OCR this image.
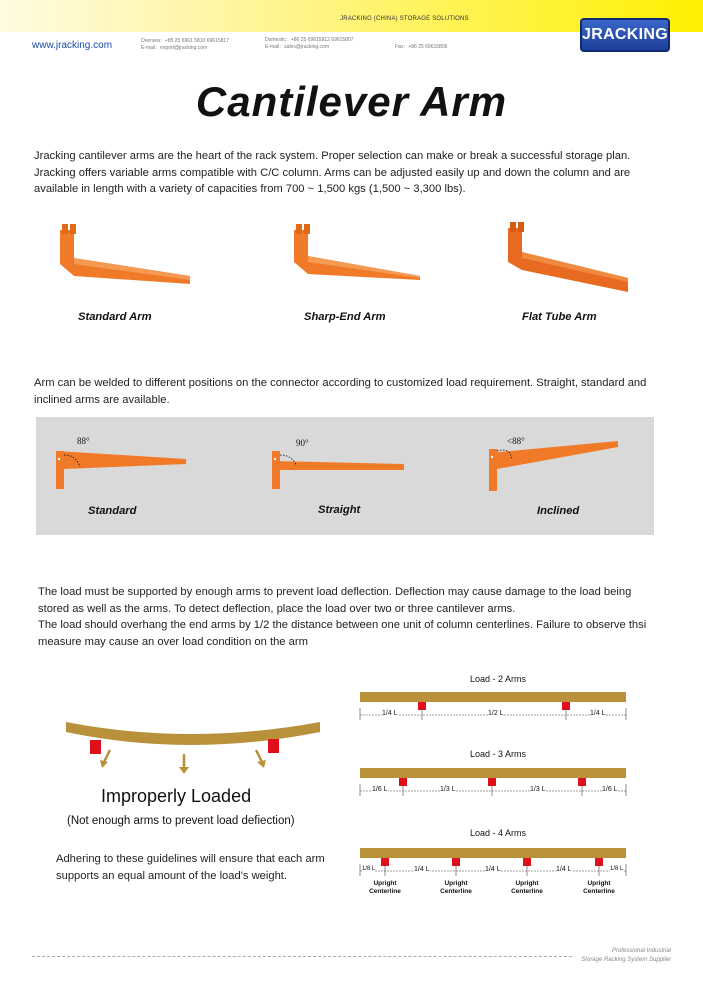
JRACKING (CHINA) STORAGE SOLUTIONS
www.jracking.com	Oversea：+85 25 6961 5810 69615817
E-mail：export@jracking.com
Domestic：+86 25 69615812 69615807
E-mail：sales@jracking.com	Fax：+86 25 69615806
JRACKING
Cantilever Arm
Jracking cantilever arms are the heart of the rack system. Proper selection can make or break a successful storage plan. Jracking offers variable arms compatible with C/C column. Arms can be adjusted easily up and down the column and are available in length with a variety of capacities from 700 ~ 1,500 kgs (1,500 ~ 3,300 lbs).
Standard Arm	Sharp-End Arm	Flat Tube Arm
Arm can be welded to different positions on the connector according to customized load requirement. Straight, standard and inclined arms are available.
88°	90°	<88°
Standard	Straight	Inclined
The load must be supported by enough arms to prevent load deflection. Deflection may cause damage to the load being stored as well as the arms. To detect deflection, place the load over two or three cantilever arms.
The load should overhang the end arms by 1/2 the distance between one unit of column centerlines. Failure to observe thsi measure may cause an over load condition on the arm
Improperly Loaded
(Not enough arms to prevent load defiection)
Adhering to these guidelines will ensure that each arm supports an equal amount of the load's weight.
Load - 2 Arms
1/4 L	1/2 L	1/4 L
Load - 3 Arms
1/6 L	1/3 L	1/3 L	1/6 L
Load - 4 Arms
1/8 L	1/4 L	1/4 L	1/4 L	1/8 L
Upright Centerline
Upright Centerline
Upright Centerline
Upright Centerline
Professional Industrial
Storage Racking System Supplier
